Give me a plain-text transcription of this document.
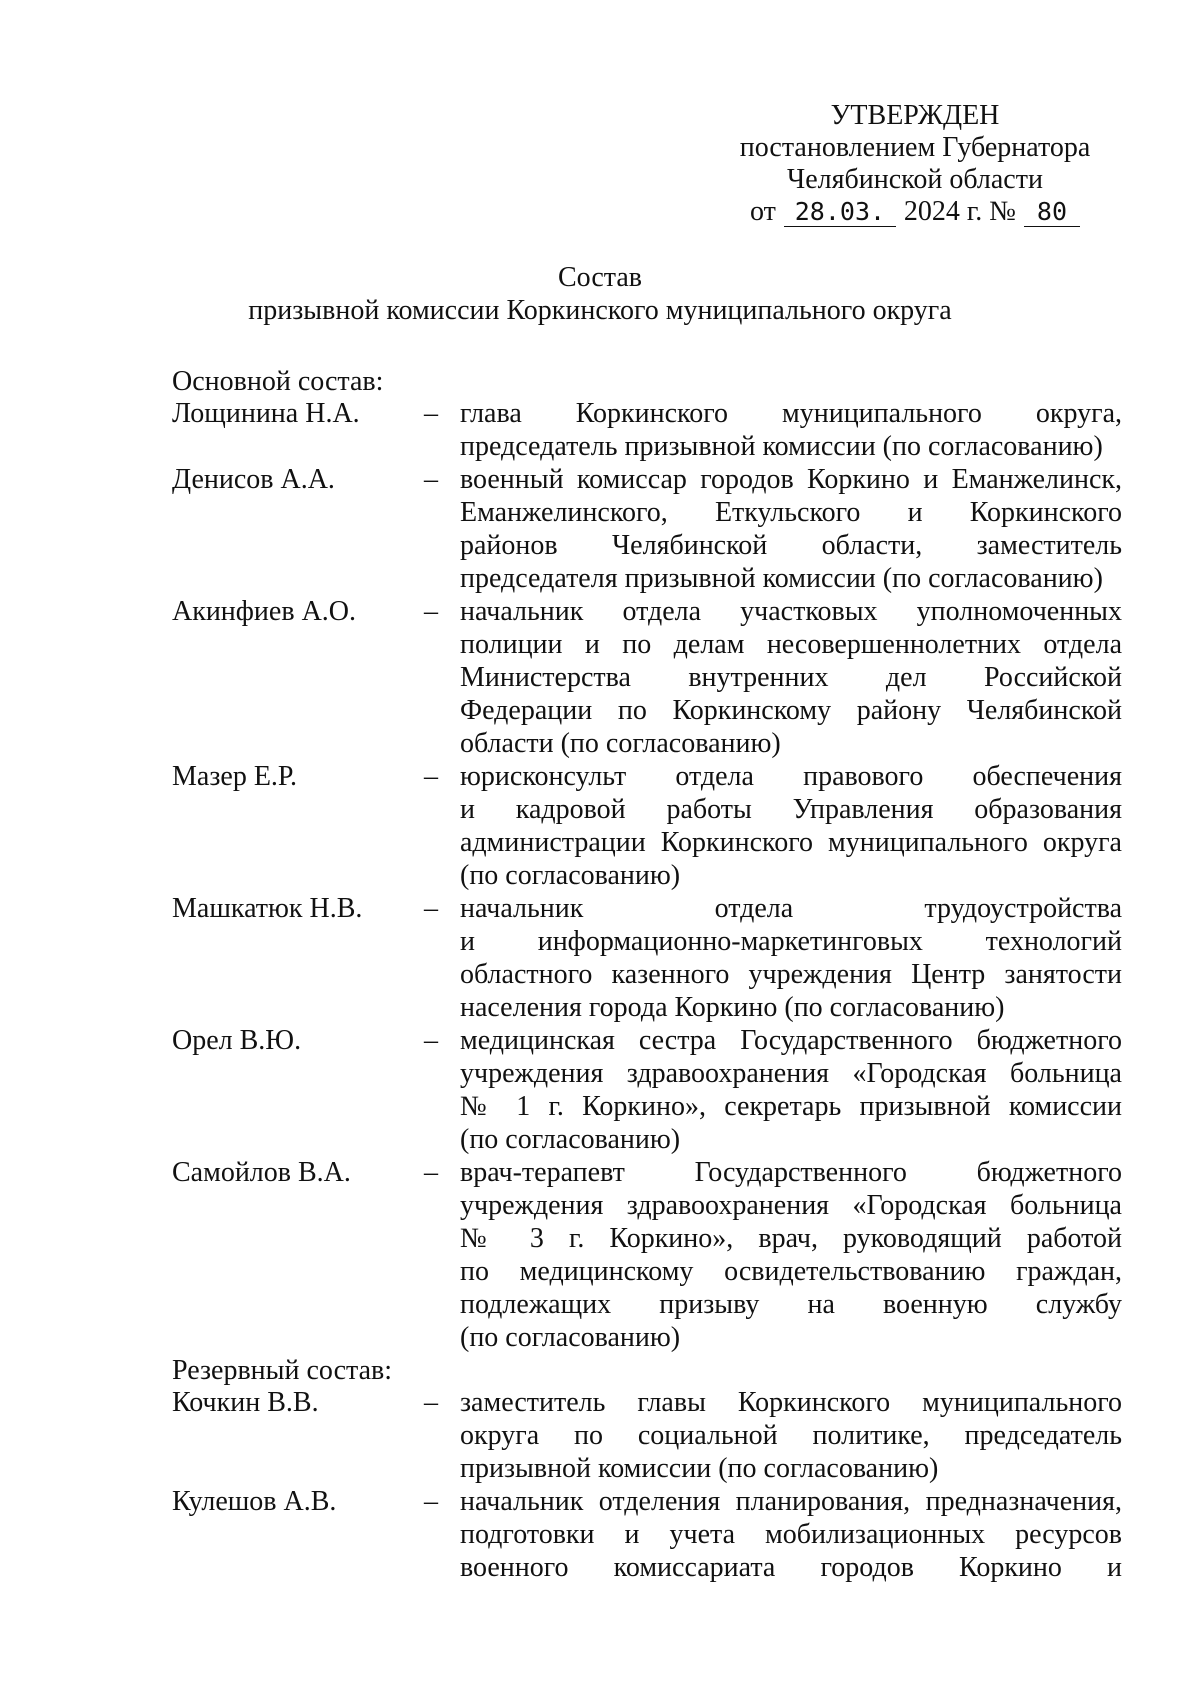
УТВЕРЖДЕН
постановлением Губернатора
Челябинской области
от 28.03. 2024 г. № 80
Состав
призывной комиссии Коркинского муниципального округа
Основной состав:
Лощинина Н.А.	– глава Коркинского муниципального округа,
председатель призывной комиссии (по согласованию)
Денисов А.А.	– военный комиссар городов Коркино и Еманжелинск,
Еманжелинского, Еткульского и Коркинского
районов Челябинской области, заместитель
председателя призывной комиссии (по согласованию)
Акинфиев А.О.	– начальник отдела участковых уполномоченных
полиции и по делам несовершеннолетних отдела
Министерства внутренних дел Российской
Федерации по Коркинскому району Челябинской
области (по согласованию)
Мазер Е.Р.	– юрисконсульт отдела правового обеспечения
и кадровой работы Управления образования
администрации Коркинского муниципального округа
(по согласованию)
Машкатюк Н.В.	– начальник отдела трудоустройства
и информационно-маркетинговых технологий
областного казенного учреждения Центр занятости
населения города Коркино (по согласованию)
Орел В.Ю.	– медицинская сестра Государственного бюджетного
учреждения здравоохранения «Городская больница
№ 1 г. Коркино», секретарь призывной комиссии
(по согласованию)
Самойлов В.А.	– врач-терапевт Государственного бюджетного
учреждения здравоохранения «Городская больница
№ 3 г. Коркино», врач, руководящий работой
по медицинскому освидетельствованию граждан,
подлежащих призыву на военную службу
(по согласованию)
Резервный состав:
Кочкин В.В.	– заместитель главы Коркинского муниципального
округа по социальной политике, председатель
призывной комиссии (по согласованию)
Кулешов А.В.	– начальник отделения планирования, предназначения,
подготовки и учета мобилизационных ресурсов
военного комиссариата городов Коркино и
